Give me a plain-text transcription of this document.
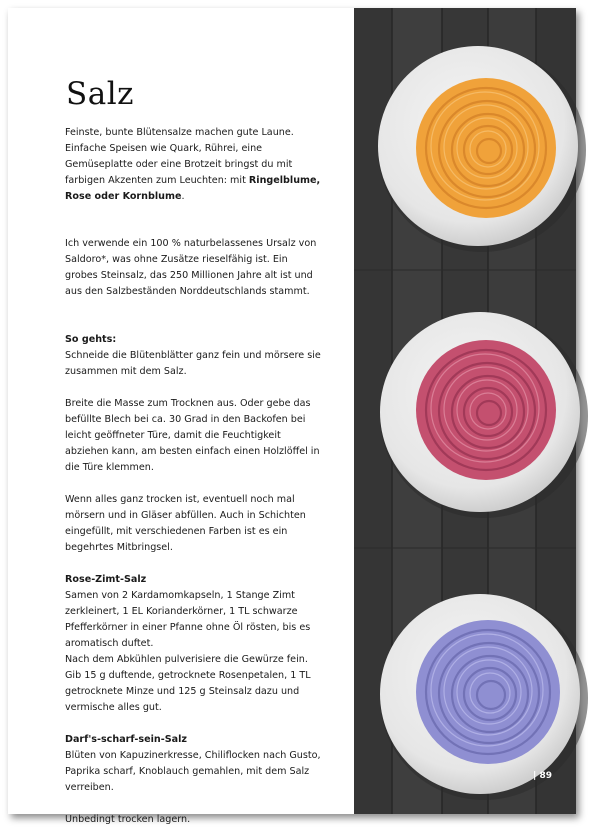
Salz

Feinste, bunte Blütensalze machen gute Laune.

Einfache Speisen wie Quark, Rührei, eine Gemüseplatte oder eine Brotzeit bringst du mit farbigen Akzenten zum Leuchten: mit Ringelblume, Rose oder Kornblume.

Ich verwende ein 100 % naturbelassenes Ursalz von Saldoro*, was ohne Zusätze rieselfähig ist. Ein grobes Steinsalz, das 250 Millionen Jahre alt ist und aus den Salzbeständen Norddeutschlands stammt.

So gehts:

Schneide die Blütenblätter ganz fein und mörsere sie zusammen mit dem Salz.

Breite die Masse zum Trocknen aus. Oder gebe das befüllte Blech bei ca. 30 Grad in den Backofen bei leicht geöffneter Türe, damit die Feuchtigkeit abziehen kann, am besten einfach einen Holzlöffel in die Türe klemmen.

Wenn alles ganz trocken ist, eventuell noch mal mörsern und in Gläser abfüllen. Auch in Schichten eingefüllt, mit verschiedenen Farben ist es ein begehrtes Mitbringsel.

Rose-Zimt-Salz

Samen von 2 Kardamomkapseln, 1 Stange Zimt zerkleinert, 1 EL Korianderkörner, 1 TL schwarze Pfefferkörner in einer Pfanne ohne Öl rösten, bis es aromatisch duftet.

Nach dem Abkühlen pulverisiere die Gewürze fein.

Gib 15 g duftende, getrocknete Rosenpetalen, 1 TL getrocknete Minze und 125 g Steinsalz dazu und vermische alles gut.

Darf's-scharf-sein-Salz

Blüten von Kapuzinerkresse, Chiliflocken nach Gusto, Paprika scharf, Knoblauch gemahlen, mit dem Salz verreiben.

Unbedingt trocken lagern.

| 89
